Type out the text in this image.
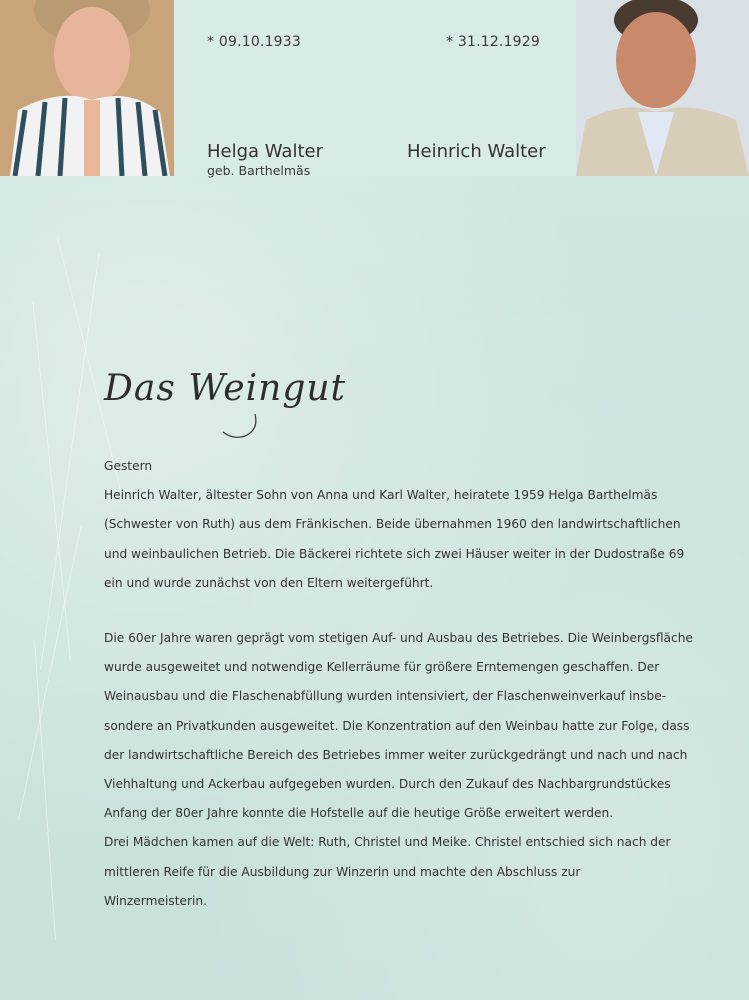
* 09.10.1933	* 31.12.1929
Helga Walter
geb. Barthelmäs
Heinrich Walter
Das Weingut

Gestern

Heinrich Walter, ältester Sohn von Anna und Karl Walter, heiratete 1959 Helga Barthelmäs

(Schwester von Ruth) aus dem Fränkischen. Beide übernahmen 1960 den landwirtschaftlichen

und weinbaulichen Betrieb. Die Bäckerei richtete sich zwei Häuser weiter in der Dudostraße 69

ein und wurde zunächst von den Eltern weitergeführt.

Die 60er Jahre waren geprägt vom stetigen Auf- und Ausbau des Betriebes. Die Weinbergsfläche

wurde ausgeweitet und notwendige Kellerräume für größere Erntemengen geschaffen. Der

Weinausbau und die Flaschenabfüllung wurden intensiviert, der Flaschenweinverkauf insbe-

sondere an Privatkunden ausgeweitet. Die Konzentration auf den Weinbau hatte zur Folge, dass

der landwirtschaftliche Bereich des Betriebes immer weiter zurückgedrängt und nach und nach

Viehhaltung und Ackerbau aufgegeben wurden. Durch den Zukauf des Nachbargrundstückes

Anfang der 80er Jahre konnte die Hofstelle auf die heutige Größe erweitert werden.

Drei Mädchen kamen auf die Welt: Ruth, Christel und Meike. Christel entschied sich nach der

mittleren Reife für die Ausbildung zur Winzerin und machte den Abschluss zur

Winzermeisterin.
